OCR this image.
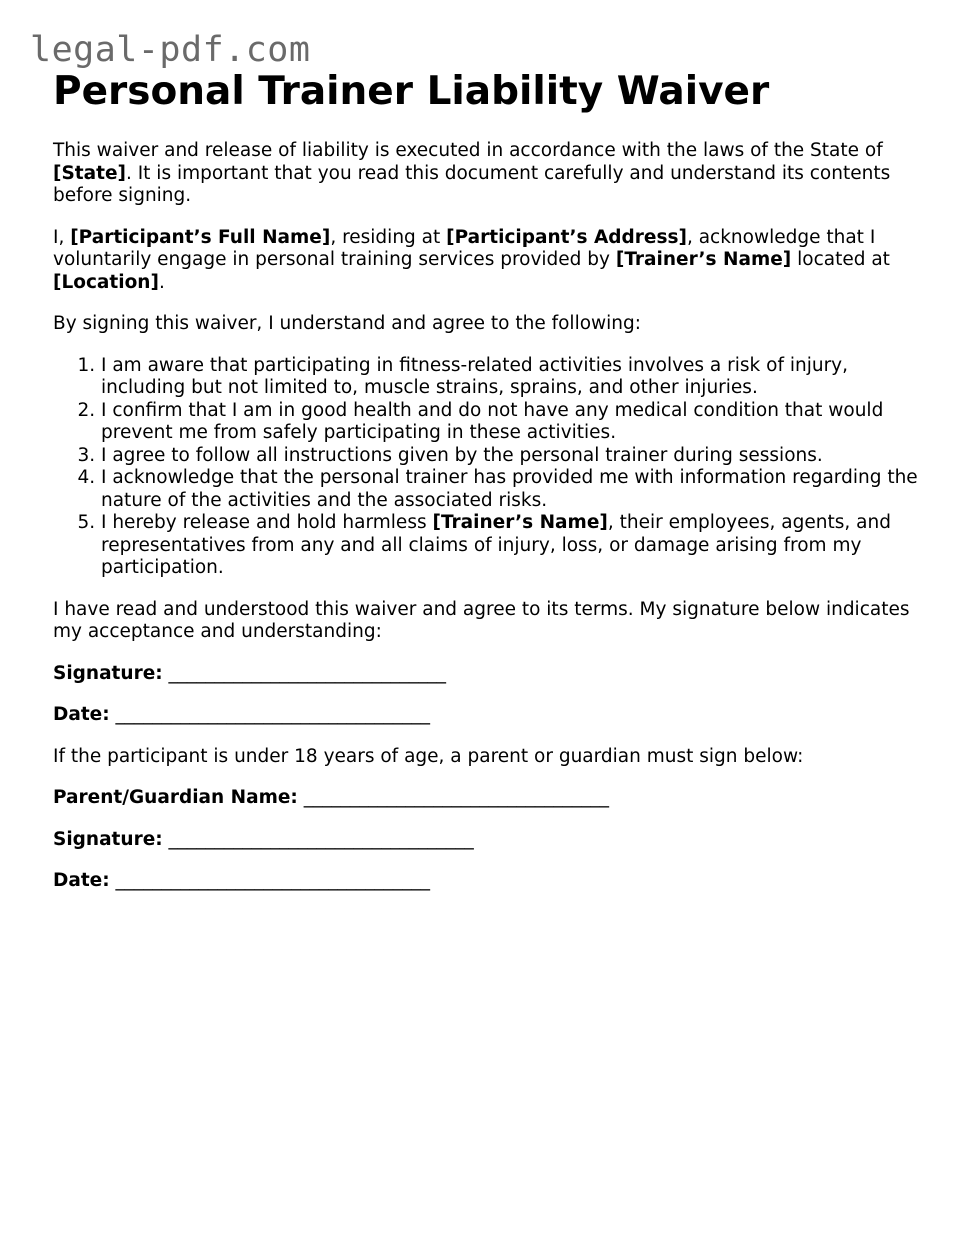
legal-pdf.com
Personal Trainer Liability Waiver

This waiver and release of liability is executed in accordance with the laws of the State of [State]. It is important that you read this document carefully and understand its contents before signing.

I, [Participant’s Full Name], residing at [Participant’s Address], acknowledge that I voluntarily engage in personal training services provided by [Trainer’s Name] located at [Location].

By signing this waiver, I understand and agree to the following:

1. I am aware that participating in fitness-related activities involves a risk of injury, including but not limited to, muscle strains, sprains, and other injuries.
2. I confirm that I am in good health and do not have any medical condition that would prevent me from safely participating in these activities.
3. I agree to follow all instructions given by the personal trainer during sessions.
4. I acknowledge that the personal trainer has provided me with information regarding the nature of the activities and the associated risks.
5. I hereby release and hold harmless [Trainer’s Name], their employees, agents, and representatives from any and all claims of injury, loss, or damage arising from my participation.

I have read and understood this waiver and agree to its terms. My signature below indicates my acceptance and understanding:

Signature: ______________________________

Date: __________________________________

If the participant is under 18 years of age, a parent or guardian must sign below:

Parent/Guardian Name: _________________________________

Signature: _________________________________

Date: __________________________________
